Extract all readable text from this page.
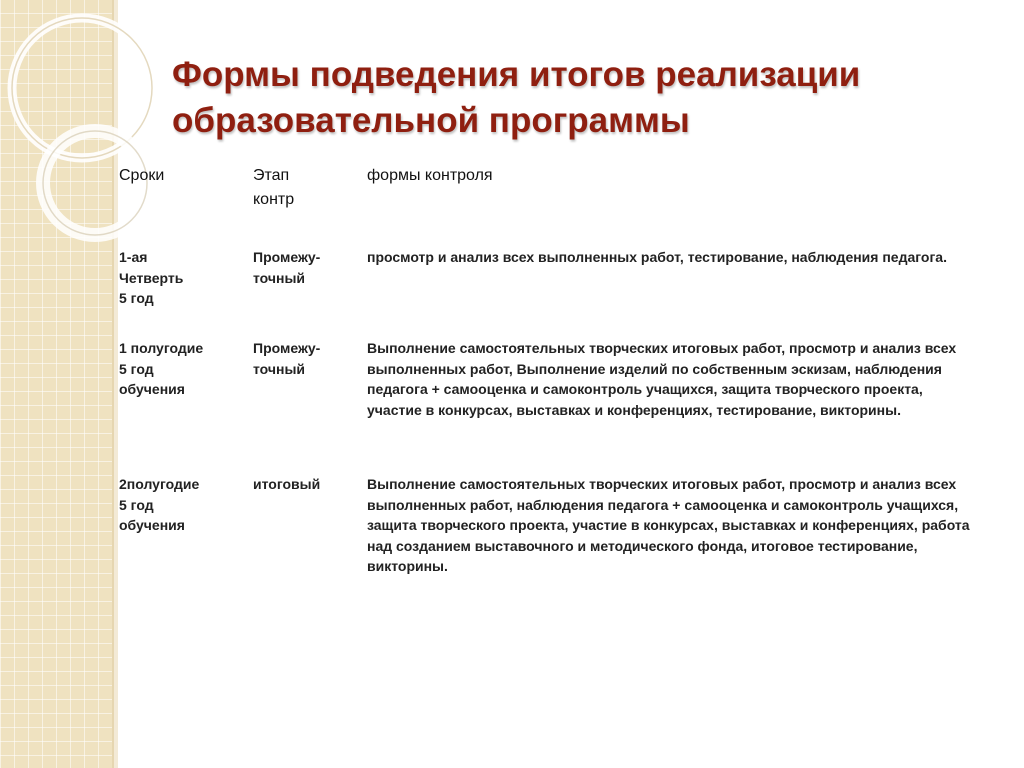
Формы подведения итогов реализации образовательной программы
Сроки	Этап
контр
формы контроля
1-ая
Четверть
5 год
Промежу-
точный
просмотр и анализ всех выполненных работ, тестирование, наблюдения педагога.
1 полугодие
5 год
обучения
Промежу-
точный
Выполнение самостоятельных творческих итоговых работ, просмотр и анализ всех выполненных работ, Выполнение изделий по собственным эскизам, наблюдения педагога + самооценка и самоконтроль учащихся, защита творческого проекта, участие в конкурсах, выставках и конференциях, тестирование, викторины.
2полугодие
5 год
обучения
итоговый	Выполнение самостоятельных творческих итоговых работ, просмотр и анализ всех выполненных работ, наблюдения педагога + самооценка и самоконтроль учащихся, защита творческого проекта, участие в конкурсах, выставках и конференциях, работа над созданием выставочного и методического фонда, итоговое тестирование, викторины.
